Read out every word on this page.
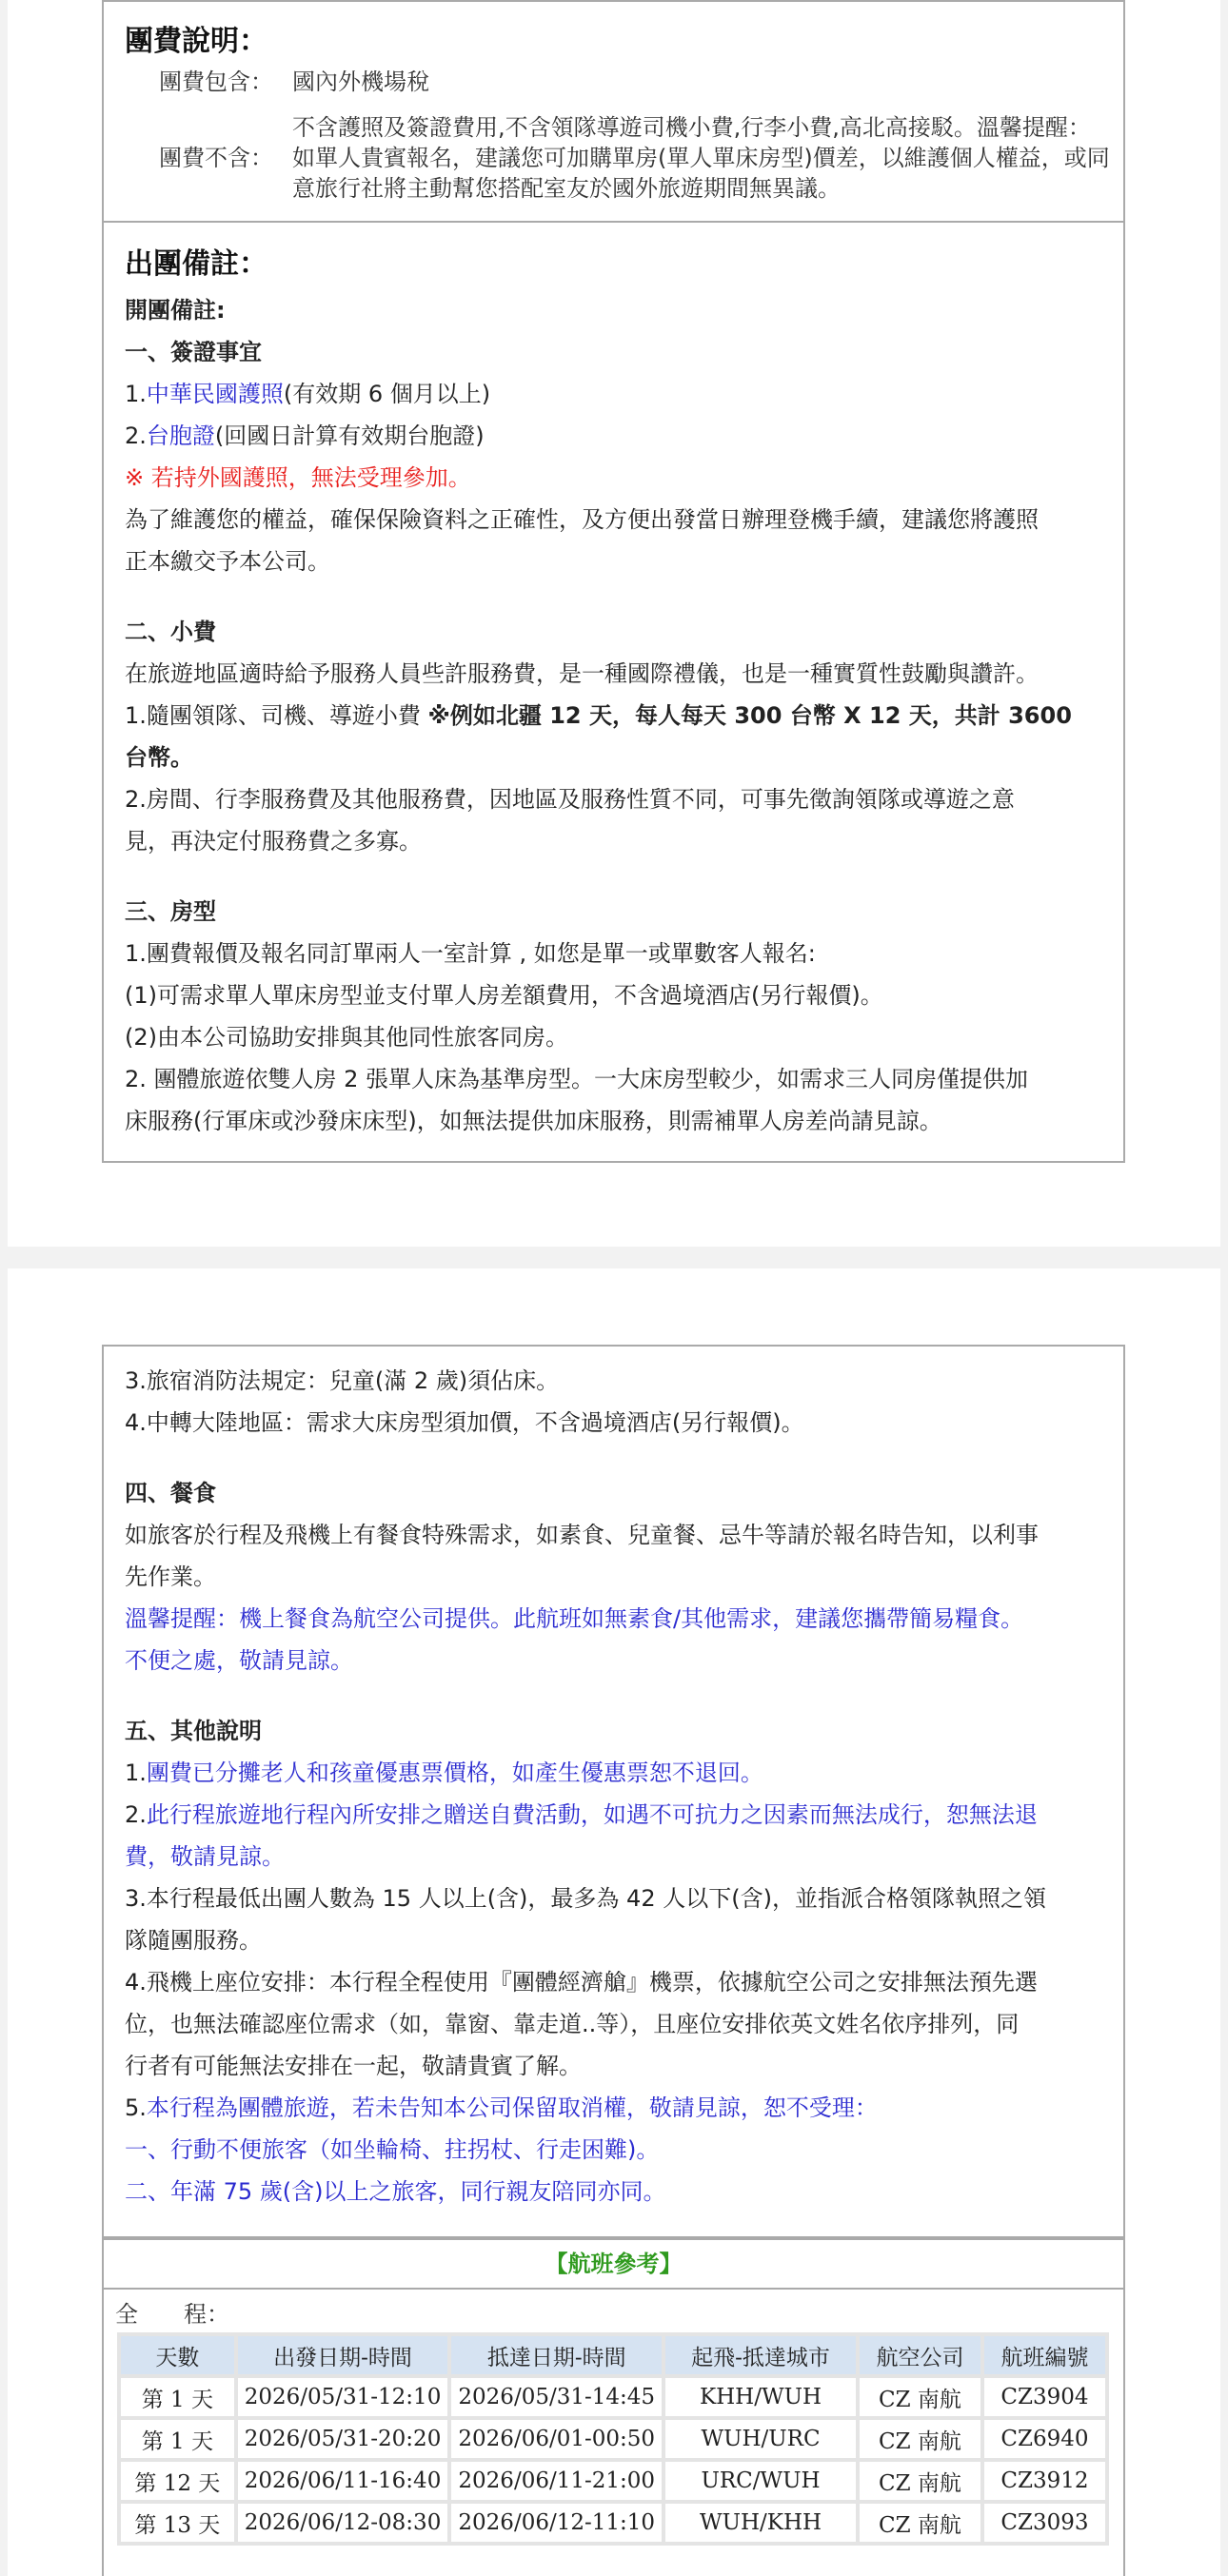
團費說明：
團費包含： 國內外機場稅
團費不含：
不含護照及簽證費用,不含領隊導遊司機小費,行李小費,高北高接駁。溫馨提醒：如單人貴賓報名，建議您可加購單房(單人單床房型)價差，以維護個人權益，或同意旅行社將主動幫您搭配室友於國外旅遊期間無異議。
出團備註：
開團備註:
一、簽證事宜
1.中華民國護照(有效期 6 個月以上)
2.台胞證(回國日計算有效期台胞證)
※ 若持外國護照，無法受理參加。
為了維護您的權益，確保保險資料之正確性，及方便出發當日辦理登機手續，建議您將護照
正本繳交予本公司。
二、小費
在旅遊地區適時給予服務人員些許服務費，是一種國際禮儀，也是一種實質性鼓勵與讚許。
1.隨團領隊、司機、導遊小費 ※例如北疆 12 天，每人每天 300 台幣 X 12 天，共計 3600
台幣。
2.房間、行李服務費及其他服務費，因地區及服務性質不同，可事先徵詢領隊或導遊之意
見，再決定付服務費之多寡。
三、房型
1.團費報價及報名同訂單兩人一室計算 , 如您是單一或單數客人報名:
(1)可需求單人單床房型並支付單人房差額費用，不含過境酒店(另行報價)。
(2)由本公司協助安排與其他同性旅客同房。
2. 團體旅遊依雙人房 2 張單人床為基準房型。一大床房型較少，如需求三人同房僅提供加
床服務(行軍床或沙發床床型)，如無法提供加床服務，則需補單人房差尚請見諒。
3.旅宿消防法規定：兒童(滿 2 歲)須佔床。
4.中轉大陸地區：需求大床房型須加價，不含過境酒店(另行報價)。
四、餐食
如旅客於行程及飛機上有餐食特殊需求，如素食、兒童餐、忌牛等請於報名時告知，以利事
先作業。
溫馨提醒：機上餐食為航空公司提供。此航班如無素食/其他需求，建議您攜帶簡易糧食。
不便之處，敬請見諒。
五、其他說明
1.團費已分攤老人和孩童優惠票價格，如產生優惠票恕不退回。
2.此行程旅遊地行程內所安排之贈送自費活動，如遇不可抗力之因素而無法成行，恕無法退
費，敬請見諒。
3.本行程最低出團人數為 15 人以上(含)，最多為 42 人以下(含)，並指派合格領隊執照之領
隊隨團服務。
4.飛機上座位安排：本行程全程使用『團體經濟艙』機票，依據航空公司之安排無法預先選
位，也無法確認座位需求（如，靠窗、靠走道..等），且座位安排依英文姓名依序排列，同
行者有可能無法安排在一起，敬請貴賓了解。
5.本行程為團體旅遊，若未告知本公司保留取消權，敬請見諒，恕不受理：
一、行動不便旅客（如坐輪椅、拄拐杖、行走困難)。
二、年滿 75 歲(含)以上之旅客，同行親友陪同亦同。
【航班參考】
全　　程：
天數	出發日期-時間	抵達日期-時間	起飛-抵達城市	航空公司	航班編號
第 1 天	2026/05/31-12:10	2026/05/31-14:45	KHH/WUH	CZ 南航	CZ3904
第 1 天	2026/05/31-20:20	2026/06/01-00:50	WUH/URC	CZ 南航	CZ6940
第 12 天	2026/06/11-16:40	2026/06/11-21:00	URC/WUH	CZ 南航	CZ3912
第 13 天	2026/06/12-08:30	2026/06/12-11:10	WUH/KHH	CZ 南航	CZ3093
